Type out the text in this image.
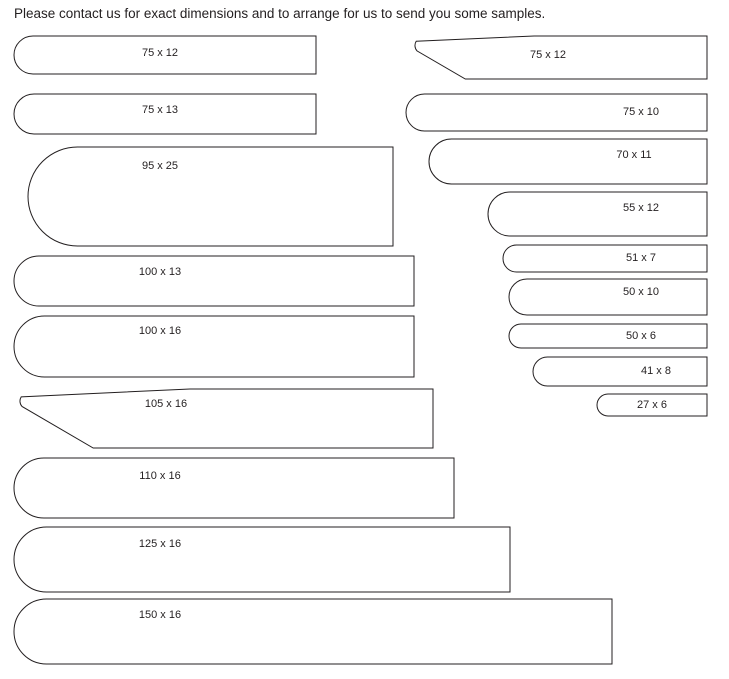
Please contact us for exact dimensions and to arrange for us to send you some samples.
75 x 12
75 x 13
95 x 25
100 x 13
100 x 16
105 x 16
110 x 16
125 x 16
150 x 16
75 x 12
75 x 10
70 x 11
55 x 12
51 x 7
50 x 10
50 x 6
41 x 8
27 x 6
